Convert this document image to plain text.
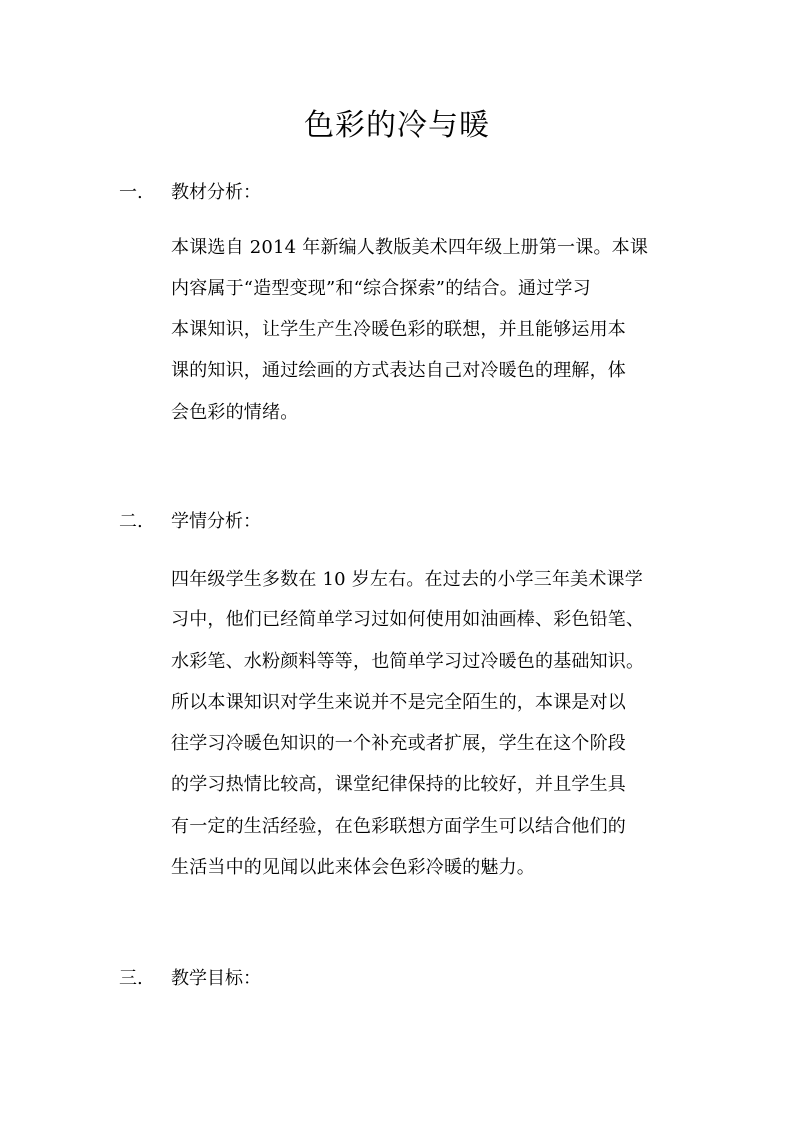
色彩的冷与暖
一. 教材分析：
本课选自 2014 年新编人教版美术四年级上册第一课。本课
内容属于“造型变现”和“综合探索”的结合。通过学习
本课知识，让学生产生冷暖色彩的联想，并且能够运用本
课的知识，通过绘画的方式表达自己对冷暖色的理解，体
会色彩的情绪。
二. 学情分析：
四年级学生多数在 10 岁左右。在过去的小学三年美术课学
习中，他们已经简单学习过如何使用如油画棒、彩色铅笔、
水彩笔、水粉颜料等等，也简单学习过冷暖色的基础知识。
所以本课知识对学生来说并不是完全陌生的，本课是对以
往学习冷暖色知识的一个补充或者扩展，学生在这个阶段
的学习热情比较高，课堂纪律保持的比较好，并且学生具
有一定的生活经验，在色彩联想方面学生可以结合他们的
生活当中的见闻以此来体会色彩冷暖的魅力。
三. 教学目标：
